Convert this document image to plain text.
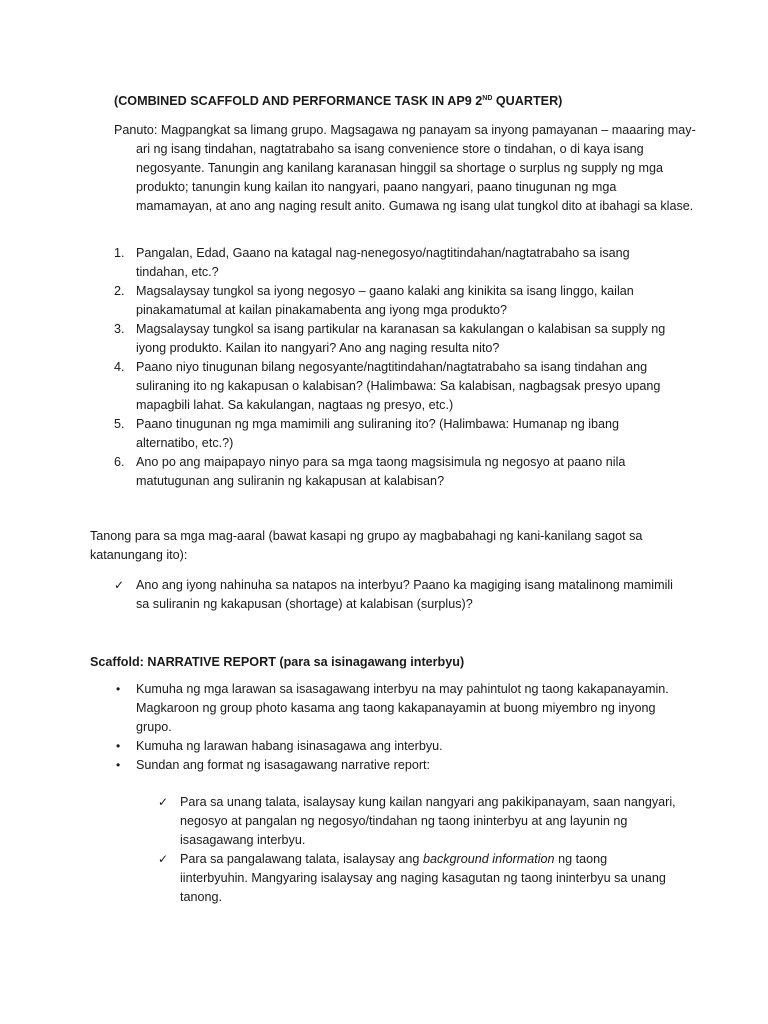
(COMBINED SCAFFOLD AND PERFORMANCE TASK IN AP9 2ND QUARTER)

Panuto: Magpangkat sa limang grupo. Magsagawa ng panayam sa inyong pamayanan – maaaring may-ari ng isang tindahan, nagtatrabaho sa isang convenience store o tindahan, o di kaya isang negosyante. Tanungin ang kanilang karanasan hinggil sa shortage o surplus ng supply ng mga produkto; tanungin kung kailan ito nangyari, paano nangyari, paano tinugunan ng mga mamamayan, at ano ang naging result anito. Gumawa ng isang ulat tungkol dito at ibahagi sa klase.

1. Pangalan, Edad, Gaano na katagal nag-nenegosyo/nagtitindahan/nagtatrabaho sa isang tindahan, etc.?
2. Magsalaysay tungkol sa iyong negosyo – gaano kalaki ang kinikita sa isang linggo, kailan pinakamatumal at kailan pinakamabenta ang iyong mga produkto?
3. Magsalaysay tungkol sa isang partikular na karanasan sa kakulangan o kalabisan sa supply ng iyong produkto. Kailan ito nangyari? Ano ang naging resulta nito?
4. Paano niyo tinugunan bilang negosyante/nagtitindahan/nagtatrabaho sa isang tindahan ang suliraning ito ng kakapusan o kalabisan? (Halimbawa: Sa kalabisan, nagbagsak presyo upang mapagbili lahat. Sa kakulangan, nagtaas ng presyo, etc.)
5. Paano tinugunan ng mga mamimili ang suliraning ito? (Halimbawa: Humanap ng ibang alternatibo, etc.?)
6. Ano po ang maipapayo ninyo para sa mga taong magsisimula ng negosyo at paano nila matutugunan ang suliranin ng kakapusan at kalabisan?

Tanong para sa mga mag-aaral (bawat kasapi ng grupo ay magbabahagi ng kani-kanilang sagot sa katanungang ito):

✓ Ano ang iyong nahinuha sa natapos na interbyu? Paano ka magiging isang matalinong mamimili sa suliranin ng kakapusan (shortage) at kalabisan (surplus)?
Scaffold: NARRATIVE REPORT (para sa isinagawang interbyu)
• Kumuha ng mga larawan sa isasagawang interbyu na may pahintulot ng taong kakapanayamin. Magkaroon ng group photo kasama ang taong kakapanayamin at buong miyembro ng inyong grupo.
• Kumuha ng larawan habang isinasagawa ang interbyu.
• Sundan ang format ng isasagawang narrative report:
✓ Para sa unang talata, isalaysay kung kailan nangyari ang pakikipanayam, saan nangyari, negosyo at pangalan ng negosyo/tindahan ng taong ininterbyu at ang layunin ng isasagawang interbyu.
✓ Para sa pangalawang talata, isalaysay ang background information ng taong iinterbyuhin. Mangyaring isalaysay ang naging kasagutan ng taong ininterbyu sa unang tanong.
